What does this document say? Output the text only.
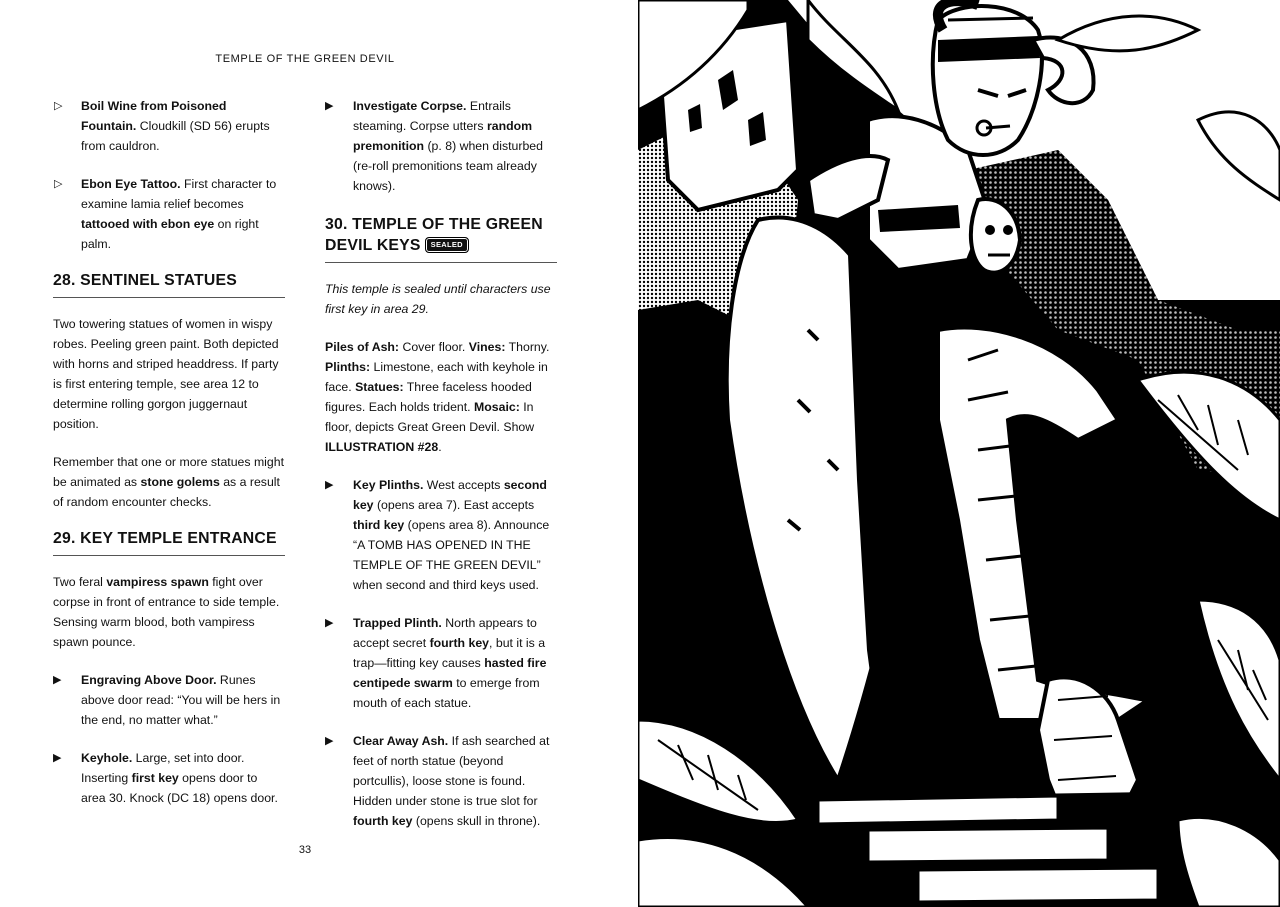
TEMPLE OF THE GREEN DEVIL
▷	Boil Wine from Poisoned Fountain. Cloudkill (SD 56) erupts from cauldron.

▷	Ebon Eye Tattoo. First character to examine lamia relief becomes tattooed with ebon eye on right palm.

28. SENTINEL STATUES

Two towering statues of women in wispy robes. Peeling green paint. Both depicted with horns and striped headdress. If party is first entering temple, see area 12 to determine rolling gorgon juggernaut position.

Remember that one or more statues might be animated as stone golems as a result of random encounter checks.

29. KEY TEMPLE ENTRANCE

Two feral vampiress spawn fight over corpse in front of entrance to side temple. Sensing warm blood, both vampiress spawn pounce.

▶	Engraving Above Door. Runes above door read: “You will be hers in the end, no matter what.”

▶	Keyhole. Large, set into door. Inserting first key opens door to area 30. Knock (DC 18) opens door.

▶	Investigate Corpse. Entrails steaming. Corpse utters random premonition (p. 8) when disturbed (re-roll premonitions team already knows).

30. TEMPLE OF THE GREEN DEVIL KEYS SEALED

This temple is sealed until characters use first key in area 29.

Piles of Ash: Cover floor. Vines: Thorny. Plinths: Limestone, each with keyhole in face. Statues: Three faceless hooded figures. Each holds trident. Mosaic: In floor, depicts Great Green Devil. Show ILLUSTRATION #28.

▶	Key Plinths. West accepts second key (opens area 7). East accepts third key (opens area 8). Announce “A TOMB HAS OPENED IN THE TEMPLE OF THE GREEN DEVIL” when second and third keys used.

▶	Trapped Plinth. North appears to accept secret fourth key, but it is a trap—fitting key causes hasted fire centipede swarm to emerge from mouth of each statue.

▶	Clear Away Ash. If ash searched at feet of north statue (beyond portcullis), loose stone is found. Hidden under stone is true slot for fourth key (opens skull in throne).

33
